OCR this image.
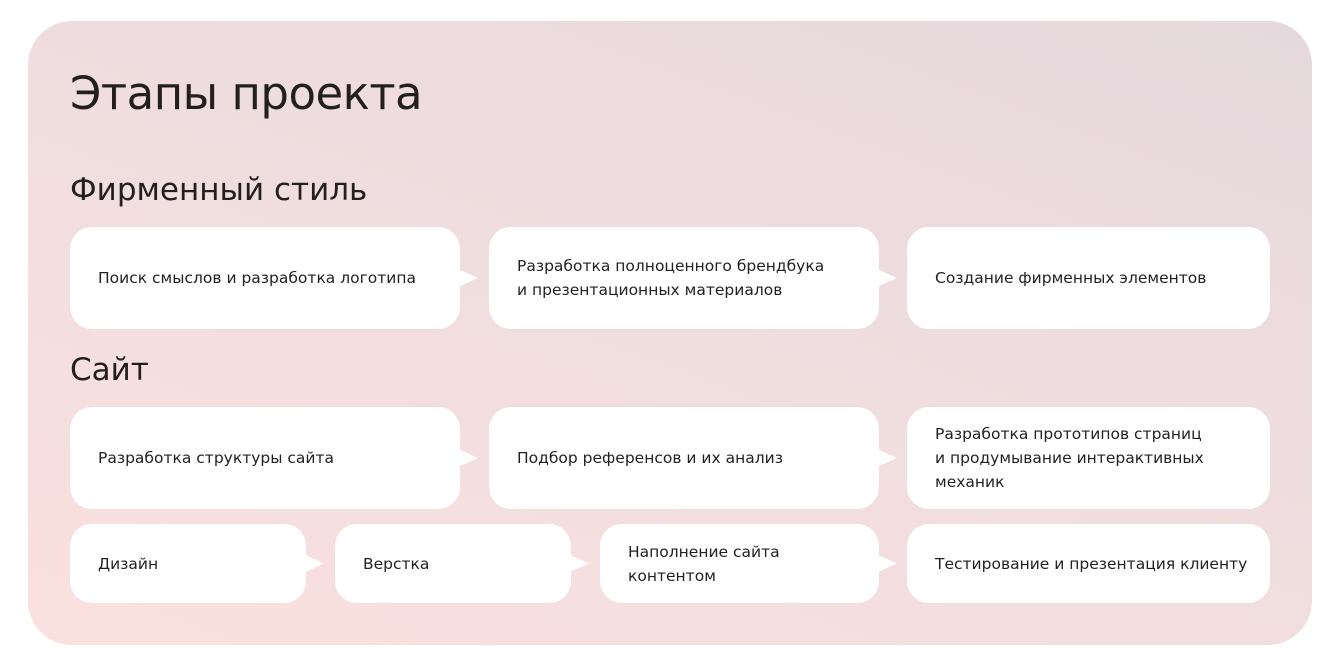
Этапы проекта
Фирменный стиль
Поиск смыслов и разработка логотипа
Разработка полноценного брендбука
и презентационных материалов
Создание фирменных элементов
Сайт
Разработка структуры сайта	Подбор референсов и их анализ
Разработка прототипов страниц
и продумывание интерактивных механик
Дизайн	Верстка
Наполнение сайта контентом
Тестирование и презентация клиенту
